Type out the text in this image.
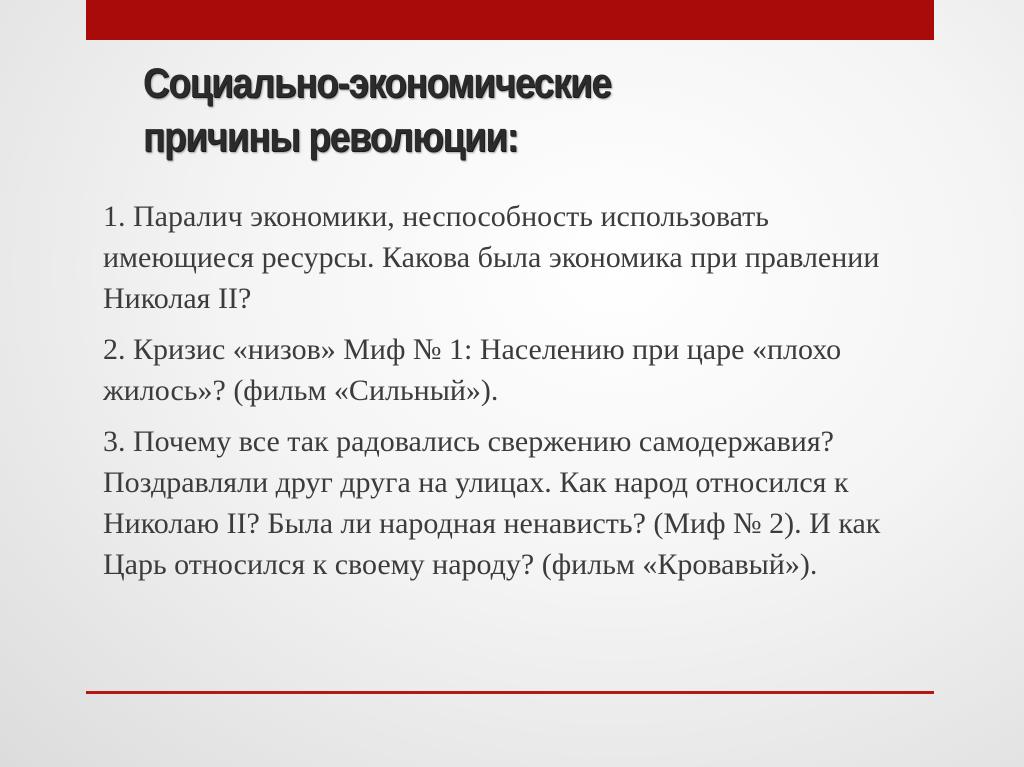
Социально-экономические
причины революции:

1. Паралич экономики, неспособность использовать имеющиеся ресурсы. Какова была экономика при правлении Николая II?

2. Кризис «низов» Миф № 1: Населению при царе «плохо жилось»? (фильм «Сильный»).

3. Почему все так радовались свержению самодержавия? Поздравляли друг друга на улицах. Как народ относился к Николаю II? Была ли народная ненависть? (Миф № 2). И как Царь относился к своему народу? (фильм «Кровавый»).
